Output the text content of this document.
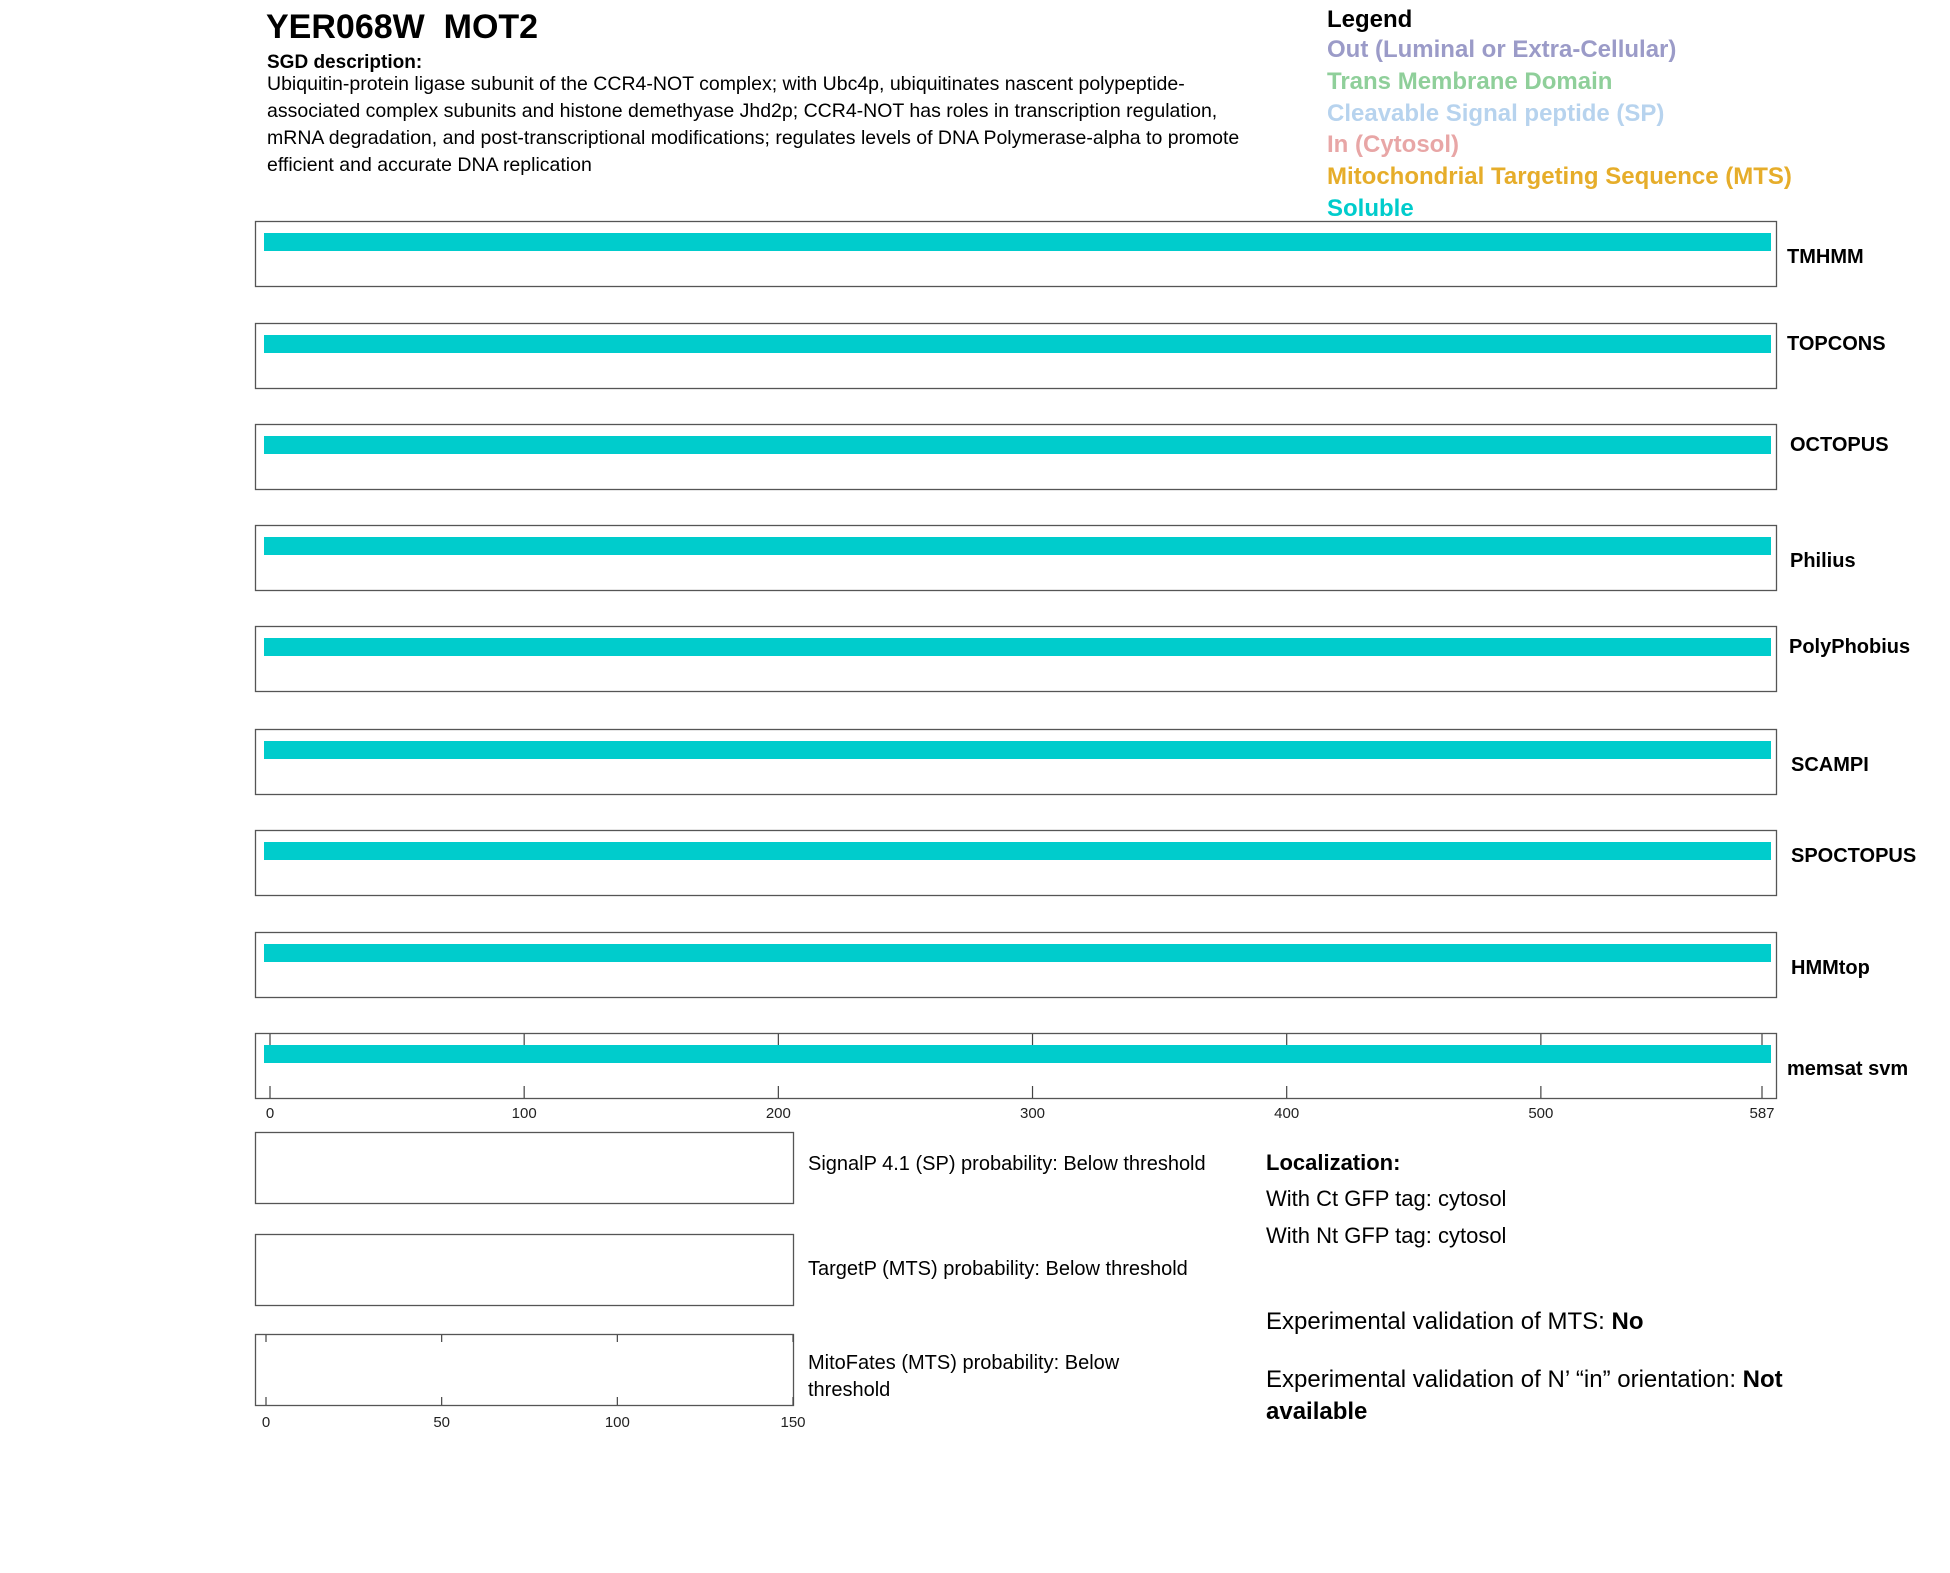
YER068W  MOT2
SGD description:
Ubiquitin-protein ligase subunit of the CCR4-NOT complex; with Ubc4p, ubiquitinates nascent polypeptide-associated complex subunits and histone demethyase Jhd2p; CCR4-NOT has roles in transcription regulation, mRNA degradation, and post-transcriptional modifications; regulates levels of DNA Polymerase-alpha to promote efficient and accurate DNA replication
Legend
Out (Luminal or Extra-Cellular)
Trans Membrane Domain
Cleavable Signal peptide (SP)
In (Cytosol)
Mitochondrial Targeting Sequence (MTS)
Soluble
TMHMM
TOPCONS
OCTOPUS
Philius
PolyPhobius
SCAMPI
SPOCTOPUS
HMMtop
memsat svm
0	100	200	300	400	500	587
0	50	100	150
SignalP 4.1 (SP) probability: Below threshold
TargetP (MTS) probability: Below threshold
MitoFates (MTS) probability: Below threshold
Localization:
With Ct GFP tag: cytosol
With Nt GFP tag: cytosol
Experimental validation of MTS: No
Experimental validation of N’ “in” orientation: Not available
